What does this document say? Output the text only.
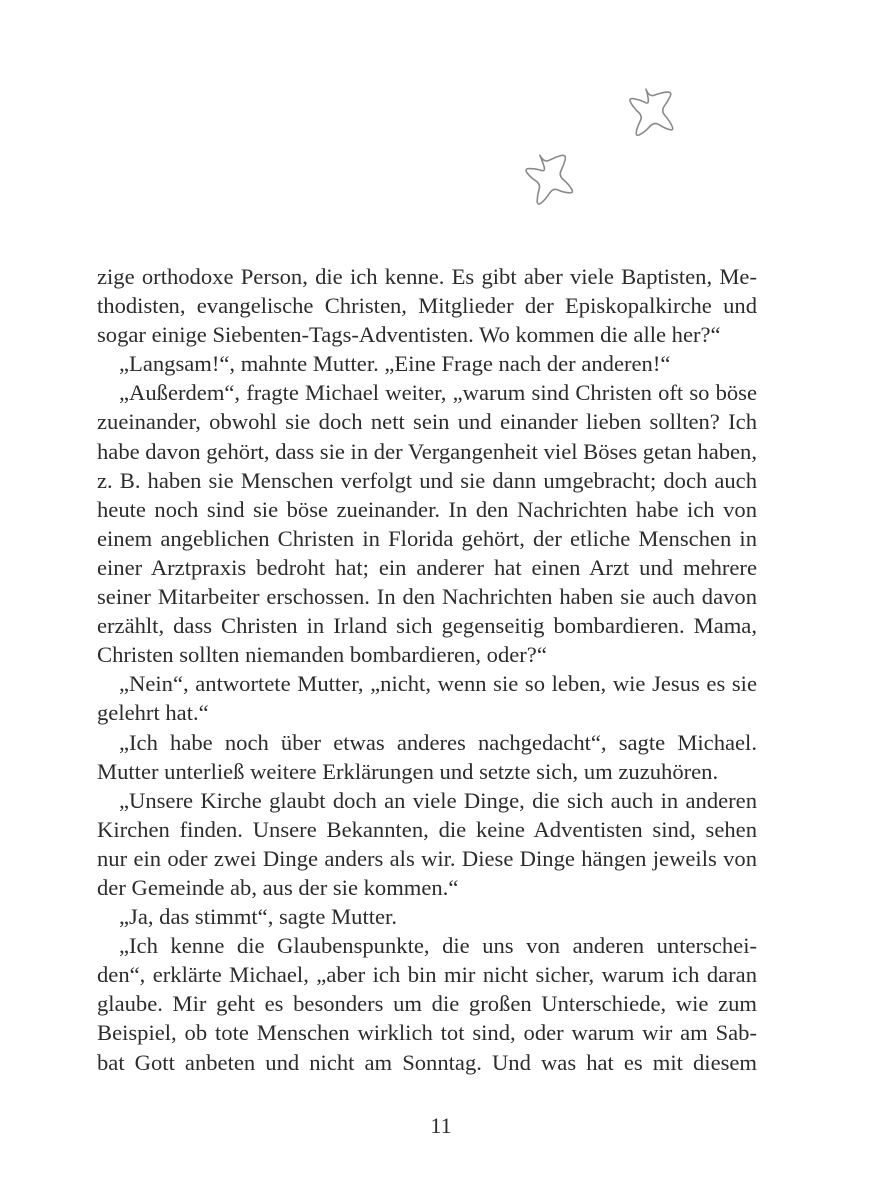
zige orthodoxe Person, die ich kenne. Es gibt aber viele Baptisten, Me-
thodisten, evangelische Christen, Mitglieder der Episkopalkirche und
sogar einige Siebenten-Tags-Adventisten. Wo kommen die alle her?“
„Langsam!“, mahnte Mutter. „Eine Frage nach der anderen!“
„Außerdem“, fragte Michael weiter, „warum sind Christen oft so böse
zueinander, obwohl sie doch nett sein und einander lieben sollten? Ich
habe davon gehört, dass sie in der Vergangenheit viel Böses getan haben,
z. B. haben sie Menschen verfolgt und sie dann umgebracht; doch auch
heute noch sind sie böse zueinander. In den Nachrichten habe ich von
einem angeblichen Christen in Florida gehört, der etliche Menschen in
einer Arztpraxis bedroht hat; ein anderer hat einen Arzt und mehrere
seiner Mitarbeiter erschossen. In den Nachrichten haben sie auch davon
erzählt, dass Christen in Irland sich gegenseitig bombardieren. Mama,
Christen sollten niemanden bombardieren, oder?“
„Nein“, antwortete Mutter, „nicht, wenn sie so leben, wie Jesus es sie
gelehrt hat.“
„Ich habe noch über etwas anderes nachgedacht“, sagte Michael.
Mutter unterließ weitere Erklärungen und setzte sich, um zuzuhören.
„Unsere Kirche glaubt doch an viele Dinge, die sich auch in anderen
Kirchen finden. Unsere Bekannten, die keine Adventisten sind, sehen
nur ein oder zwei Dinge anders als wir. Diese Dinge hängen jeweils von
der Gemeinde ab, aus der sie kommen.“
„Ja, das stimmt“, sagte Mutter.
„Ich kenne die Glaubenspunkte, die uns von anderen unterschei-
den“, erklärte Michael, „aber ich bin mir nicht sicher, warum ich daran
glaube. Mir geht es besonders um die großen Unterschiede, wie zum
Beispiel, ob tote Menschen wirklich tot sind, oder warum wir am Sab-
bat Gott anbeten und nicht am Sonntag. Und was hat es mit diesem
11
